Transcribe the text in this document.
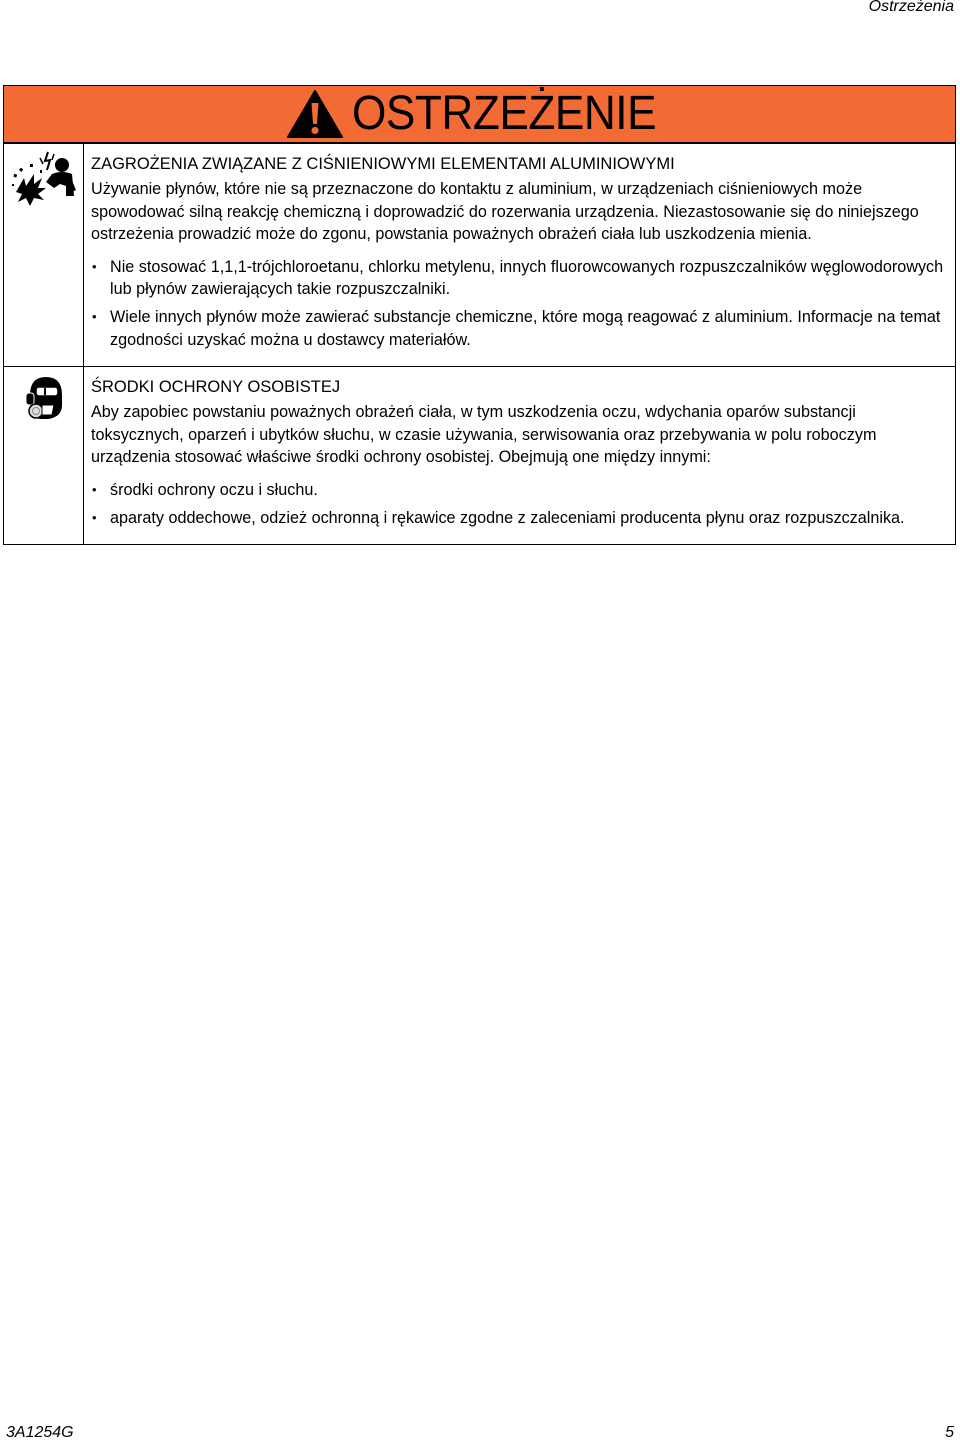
Ostrzeżenia
OSTRZEŻENIE
ZAGROŻENIA ZWIĄZANE Z CIŚNIENIOWYMI ELEMENTAMI ALUMINIOWYMI

Używanie płynów, które nie są przeznaczone do kontaktu z aluminium, w urządzeniach ciśnieniowych może spowodować silną reakcję chemiczną i doprowadzić do rozerwania urządzenia. Niezastosowanie się do niniejszego ostrzeżenia prowadzić może do zgonu, powstania poważnych obrażeń ciała lub uszkodzenia mienia.

• Nie stosować 1,1,1-trójchloroetanu, chlorku metylenu, innych fluorowcowanych rozpuszczalników węglowodorowych lub płynów zawierających takie rozpuszczalniki.
• Wiele innych płynów może zawierać substancje chemiczne, które mogą reagować z aluminium. Informacje na temat zgodności uzyskać można u dostawcy materiałów.
ŚRODKI OCHRONY OSOBISTEJ

Aby zapobiec powstaniu poważnych obrażeń ciała, w tym uszkodzenia oczu, wdychania oparów substancji toksycznych, oparzeń i ubytków słuchu, w czasie używania, serwisowania oraz przebywania w polu roboczym urządzenia stosować właściwe środki ochrony osobistej. Obejmują one między innymi:

• środki ochrony oczu i słuchu.
• aparaty oddechowe, odzież ochronną i rękawice zgodne z zaleceniami producenta płynu oraz rozpuszczalnika.
3A1254G	5
